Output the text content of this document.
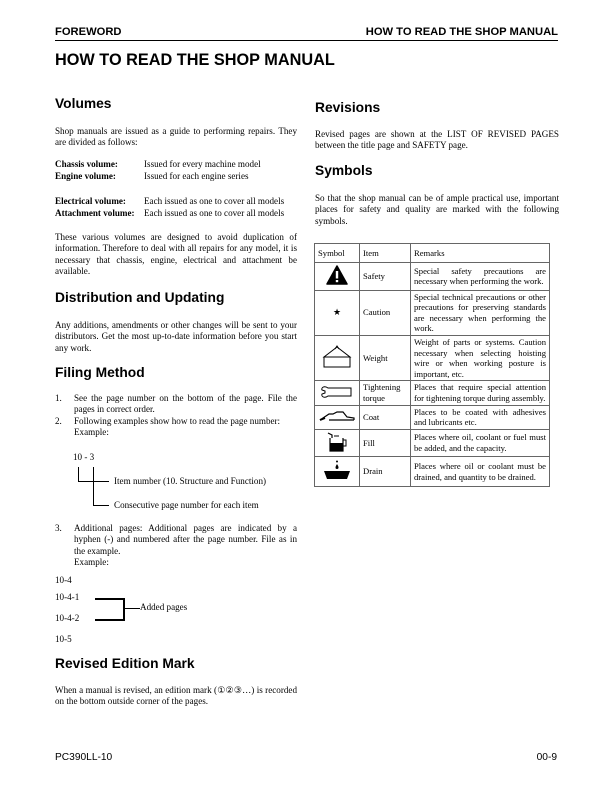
FOREWORD	HOW TO READ THE SHOP MANUAL
HOW TO READ THE SHOP MANUAL
Volumes

Shop manuals are issued as a guide to performing repairs. They are divided as follows:

Chassis volume:	Issued for every machine model
Engine volume:	Issued for each engine series
Electrical volume: Each issued as one to cover all models
Attachment volume: Each issued as one to cover all models

These various volumes are designed to avoid duplication of information. Therefore to deal with all repairs for any model, it is necessary that chassis, engine, electrical and attachment be available.

Distribution and Updating

Any additions, amendments or other changes will be sent to your distributors. Get the most up-to-date information before you start any work.

Filing Method
1. See the page number on the bottom of the page. File the pages in correct order.
2. Following examples show how to read the page number:
Example:
10 - 3
Item number (10. Structure and Function)
Consecutive page number for each item
3. Additional pages: Additional pages are indicated by a hyphen (-) and numbered after the page number. File as in the example.
Example:
10-4
10-4-1
10-4-2
10-5
Added pages
Revised Edition Mark

When a manual is revised, an edition mark (①②③…) is recorded on the bottom outside corner of the pages.

Revisions

Revised pages are shown at the LIST OF REVISED PAGES between the title page and SAFETY page.

Symbols

So that the shop manual can be of ample practical use, important places for safety and quality are marked with the following symbols.

Symbol	Item	Remarks
	Safety	Special safety precautions are necessary when performing the work.
★	Caution	Special technical precautions or other precautions for preserving standards are necessary when performing the work.
	Weight	Weight of parts or systems. Caution necessary when selecting hoisting wire or when working posture is important, etc.
	Tightening torque	Places that require special attention for tightening torque during assembly.
	Coat	Places to be coated with adhesives and lubricants etc.
	Fill	Places where oil, coolant or fuel must be added, and the capacity.
	Drain	Places where oil or coolant must be drained, and quantity to be drained.
PC390LL-10	00-9
